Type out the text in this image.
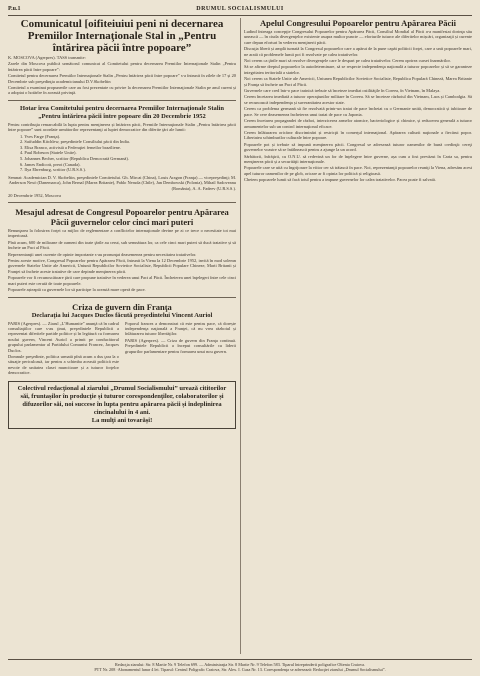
P.u.1	DRUMUL SOCIALISMULUI
Comunicatul [oifiteiuiui peni ni decernarea Premiilor Internaţionale Stal in „Pentru întărirea păcii între popoare”

K. MOSCOVA (Agerpres). TASS transmite:

Zarele din Moscova publică următorul comunicat al Comitetului pentru decernarea Premiilor Internaţionale Stalin „Pentru întărirea păcii între popoare”:

Comitetul pentru decernarea Premiilor Internaţionale Stalin „Pentru întărirea păcii între popoare” s-a întrunit în zilele de 17 și 20 Decembrie sub preşedinţia academicianului D.V.Skobeltin

Comitetul a examinat propunerile care au fost prezentate cu privire la decernarea Premiilor Internaţionale Stalin pe anul curent și a adoptat o hotărîre în această privinţă.

Hotar îrea Comitetului pentru decernarea Premiilor Internaţionale Stalin
„Pentru întărirea păcii între popoare din 20 Decembrie 1952

Pentru contribuţia remarcabilă la lupta pentru menţinerea și întărirea păcii, Premiile Internaţionale Stalin „Pentru întărirea păcii între popoare” sunt acordate următorilor reprezentanţi ai luptei democratice din diferite ţări ale lumii:

1. Yves Farge (Franţa).
2. Saifuddin Kitchlew, preşedintele Consiliului păcii din India.
3. Elisa Branco, activistă a Federaţiei femeilor braziliene.
4. Paul Robeson (Statele Unite).
5. Johannes Becher, scriitor (Republica Democrată Germană).
6. James Endicott, preot (Canada).
7. Ilya Ehrenburg, scriitor (U.R.S.S.).

Semnat: Academician D. V. Skobeltin, preşedintele Comitetului. Gh. Mircai (China), Louis Aragon (Franţa) — vicepreşedinţi; M. Anderson Nexö (Danemarca), John Bernal (Marea Britanie), Pablo Neruda (Chile), Jan Dembowski (Polonia), Mihail Sadoveanu (România), A. A. Fadeev (U.R.S.S.).

20 Decembrie 1952, Moscova

Mesajul adresat de Congresul Popoarelor pentru Apărarea Păcii guvernelor celor cinci mari puteri

Renunţarea la folosirea forţei ca mijloc de reglementare a conflictelor internaţionale devine pe zi ce trece o necesitate tot mai imperioasă.

Pînă acum, 600 de milioane de oameni din toate ţările au cerut, sub semnătura lor, ca cele cinci mari puteri să ducă tratative și să încheie un Pact al Păcii.

Reprezentanţii unei curente de opinie importante s-au pronunţat deasemenea pentru necesitatea tratativelor.

Pentru aceste motive, Congresul Popoarelor pentru Apărarea Păcii, întrunit la Viena la 12 Decembrie 1952, invită în mod solemn guvernele Statelor Unite ale Americii, Uniunii Republicilor Sovietice Socialiste, Republicii Populare Chineze, Marii Britanii și Franţei să încheie aceste tratative de care depinde menţinerea păcii.

Popoarele vor fi recunoscătoare ţării care propune tratative în vederea unui Pact al Păcii. Încheierea unei înţelegeri între cele cinci mari puteri este cerută de toate popoarele.

Popoarele așteaptă ca guvernele lor să participe la această mare operă de pace.

Criza de guvern din Franţa
Declaraţia lui Jacques Duclos făcută preşedintelui Vincent Auriol

PARIS (Agerpres). — Ziarul „L’Humanite” anunţă că în cadrul consultaţiilor care s-au ţinut, preşedintele Republicii a reprezentat diferitele partide politice și în legătură cu formarea noului guvern, Vincent Auriol a primit pe conducătorul grupului parlamentar al Partidului Comunist Francez, Jacques Duclos.

Domnule preşedinte, politica urmată pînă acum a dus ţara la o situaţie periculoasă, iar pentru a schimba această politică este nevoie de unitatea clasei muncitoare și a tuturor forţelor democratice.

Poporul francez a demonstrat că este pentru pace, că dorește independenţa naţională a Franţei, că nu vrea războiul și înlăturarea tuturor libertăţilor.

PARIS (Agerpres). — Criza de guvern din Franţa continuă. Preşedintele Republicii a început consultările cu liderii grupurilor parlamentare pentru formarea unui nou guvern.

Colectivul redacţional al ziarului „Drumul Socialismului” urează cititorilor săi, fruntașilor în producţie și tuturor corespondenţilor, colaboratorilor și difuzorilor săi, noi succese în lupta pentru apărarea păcii și îndeplinirea cincinalului în 4 ani.
La mulţi ani tovarăși!
Apelul Congresului Popoarelor pentru Apărarea Păcii

Ludind întreaga concepţie Congresului Popoarelor pentru Apărarea Păcii, Consiliul Mondial al Păcii a-a manifestat dorinţa său unească — în ciuda divergenţelor existente asupra multor puncte — eforturile tuturor ale diferitelor mișcări, organizaţii și curente care depun eforturi în vederea menţinerii păcii.

Discuţia liberă și amplă turnată la Congresul popoarelor care a apărut de la pune capăt politicii forţei, care a unit popoarele mari, ne arată că problemele lumii pot fi rezolvate pe calea tratativelor.

Noi cerem ca ţările mari să rezolve divergenţele care le despart pe calea tratativelor. Cerem oprirea cursei înarmărilor.

Să se afirme dreptul popoarelor la autodeterminare, să se respecte independenţa naţională a tuturor popoarelor și să se garanteze integritatea teritorială a statelor.

Noi cerem ca Statele Unite ale Americii, Uniunea Republicilor Sovietice Socialiste, Republica Populară Chineză, Marea Britanie și Franţa să încheie un Pact al Păcii.

Guvernele care cred într-o pace trainică trebuie să înceteze imediat ostilităţile în Coreea, în Vietnam, în Malaya.

Cerem încetarea imediată a tuturor operaţiunilor militare în Coreea. Să se înceteze războiul din Vietnam, Laos și Cambodgia. Să se recunoască independenţa și suveranitatea acestor state.

Cerem ca problema germană să fie rezolvată printr-un tratat de pace încheiat cu o Germanie unită, democratică și iubitoare de pace. Se cere deasemenea încheierea unui tratat de pace cu Japonia.

Cerem încetarea propagandei de război, interzicerea armelor atomice, bacteriologice și chimice, și reducerea generală a tuturor armamentelor sub un control internaţional eficace.

Cerem înlăturarea oricăror discriminări și restricţii în comerţul internaţional. Apărarea culturii naţionale a fiecărui popor. Libertatea schimburilor culturale între popoare.

Popoarele pot și trebuie să impună menţinerea păcii. Congresul se adresează tuturor oamenilor de bună credinţă: cereţi guvernelor voastre să se întâlnească pentru a ajunge la un acord.

Sărbătorii, înfrăţirii, cu O.N.U. să redevină un for de înţelegere între guverne, așa cum a fost prevăzut în Carta sa, pentru menţinerea păcii și a securităţii internaţionale.

Popoarele care se uită cu îngrijorare la viitor cer să trăiască în pace. Noi, reprezentanţii popoarelor reuniţi la Viena, adresăm acest apel tuturor oamenilor de pe glob, oricare ar fi opinia lor politică și religioasă.

Cheiem popoarele lumii să facă totul pentru a impune guvernelor lor calea tratativelor. Pacea poate fi salvată.

Redacţia ziarului: Str. 8 Martie Nr. 9 Telefon 699. — Administraţia Str. 8 Martie Nr. 9 Telefon 583. Tiparul întreprinderii poligrafice Oltenia Craiova.
PTT Nr. 208 ·Abonamentul lunar 4 lei. Tiparul: Centrul Poligrafic Craiova, Str. Alex. I. Cuza Nr. 13. Corespondenţa se adresează: Redacţiei ziarului „Drumul Socialismului”.
